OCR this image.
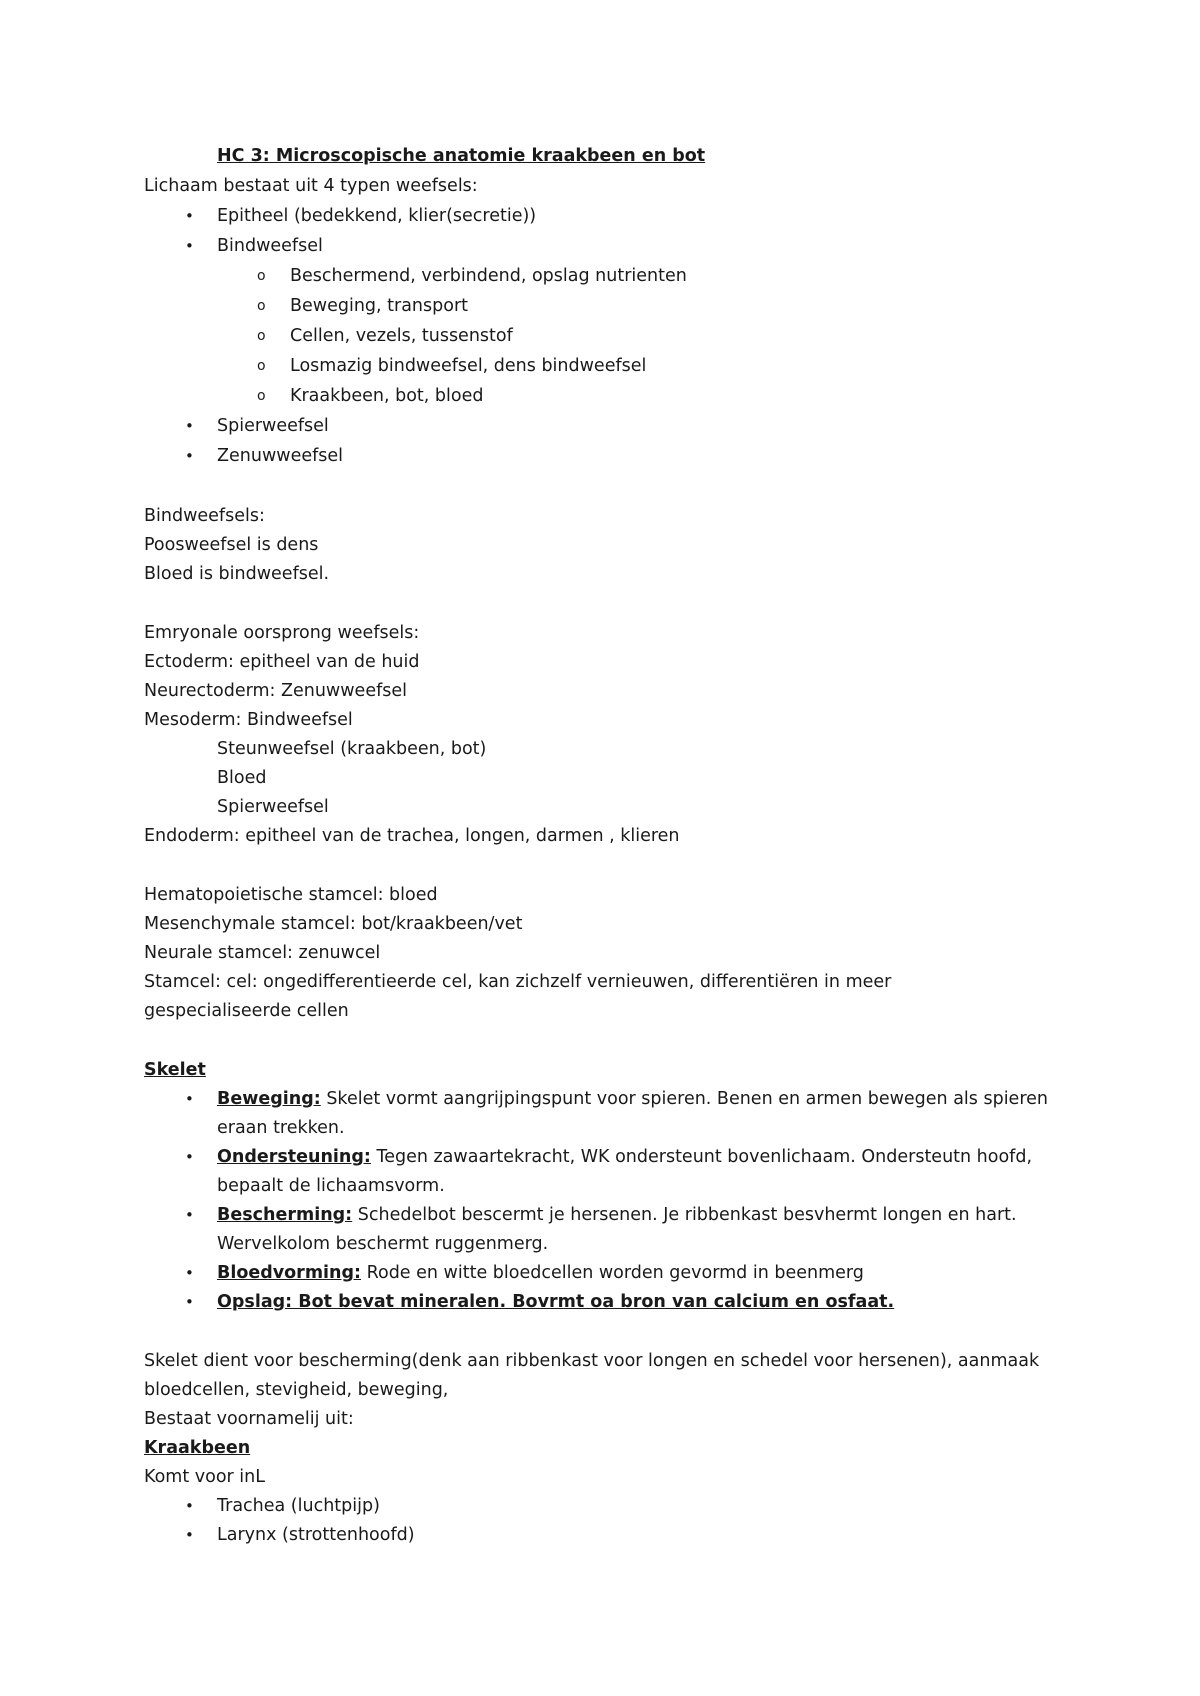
HC 3: Microscopische anatomie kraakbeen en bot
Lichaam bestaat uit 4 typen weefsels:
• Epitheel (bedekkend, klier(secretie))
• Bindweefsel
o Beschermend, verbindend, opslag nutrienten
o Beweging, transport
o Cellen, vezels, tussenstof
o Losmazig bindweefsel, dens bindweefsel
o Kraakbeen, bot, bloed
• Spierweefsel
• Zenuwweefsel
Bindweefsels:
Poosweefsel is dens
Bloed is bindweefsel.
Emryonale oorsprong weefsels:
Ectoderm: epitheel van de huid
Neurectoderm: Zenuwweefsel
Mesoderm: Bindweefsel
Steunweefsel (kraakbeen, bot)
Bloed
Spierweefsel
Endoderm: epitheel van de trachea, longen, darmen , klieren
Hematopoietische stamcel: bloed
Mesenchymale stamcel: bot/kraakbeen/vet
Neurale stamcel: zenuwcel
Stamcel: cel: ongedifferentieerde cel, kan zichzelf vernieuwen, differentiëren in meer
gespecialiseerde cellen
Skelet
• Beweging: Skelet vormt aangrijpingspunt voor spieren. Benen en armen bewegen als spieren
eraan trekken.
• Ondersteuning: Tegen zawaartekracht, WK ondersteunt bovenlichaam. Ondersteutn hoofd,
bepaalt de lichaamsvorm.
• Bescherming: Schedelbot bescermt je hersenen. Je ribbenkast besvhermt longen en hart.
Wervelkolom beschermt ruggenmerg.
• Bloedvorming: Rode en witte bloedcellen worden gevormd in beenmerg
• Opslag: Bot bevat mineralen. Bovrmt oa bron van calcium en osfaat.
Skelet dient voor bescherming(denk aan ribbenkast voor longen en schedel voor hersenen), aanmaak
bloedcellen, stevigheid, beweging,
Bestaat voornamelij uit:
Kraakbeen
Komt voor inL
• Trachea (luchtpijp)
• Larynx (strottenhoofd)
